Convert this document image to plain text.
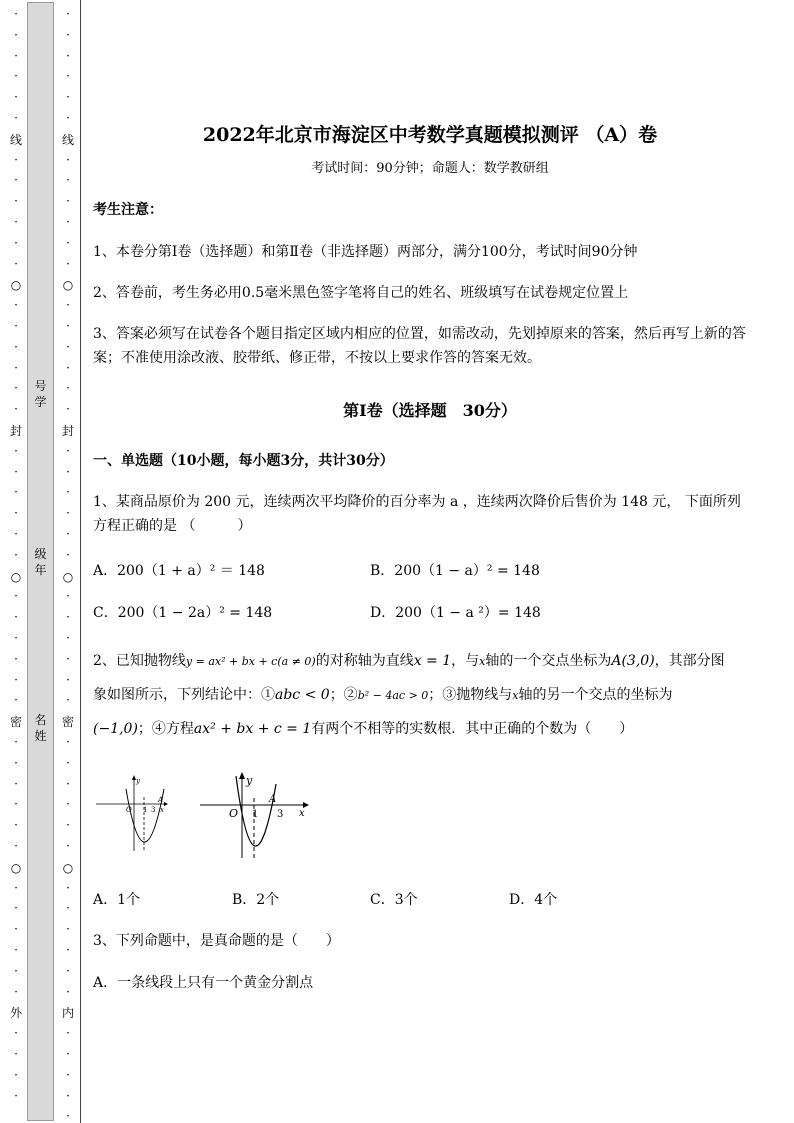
·
·
·
·
·
·
·
·
·
·
·
·
·
·
·
·
·
·
·
·
·
·
·
·
·
·
·
·
·
·
·
·
·
·
·
·
·
·
·
·
·
·
·
·
·
·
线
○
封
○
密
○
外
·
·
·
·
·
·
·
·
·
·
·
·
·
·
·
·
·
·
·
·
·
·
·
·
·
·
·
·
·
·
·
·
·
·
·
·
·
·
·
·
·
·
·
·
·
·
·
线
○
封
○
密
○
内
号
学
级
年
名
姓
2022年北京市海淀区中考数学真题模拟测评 （A）卷
考试时间：90分钟；命题人：数学教研组
考生注意：
1、本卷分第I卷（选择题）和第Ⅱ卷（非选择题）两部分，满分100分，考试时间90分钟
2、答卷前，考生务必用0.5毫米黑色签字笔将自己的姓名、班级填写在试卷规定位置上
3、答案必须写在试卷各个题目指定区域内相应的位置，如需改动，先划掉原来的答案，然后再写上新的答案；不准使用涂改液、胶带纸、修正带，不按以上要求作答的答案无效。
第I卷（选择题　30分）
一、单选题（10小题，每小题3分，共计30分）
1、某商品原价为 200 元，连续两次平均降价的百分率为 a ，连续两次降价后售价为 148 元， 下面所列方程正确的是 （　　　）
A．200（1 + a）² ＝ 148	B．200（1 − a）² = 148
C．200（1 − 2a）² = 148	D．200（1 − a ²）= 148
2、已知抛物线y = ax² + bx + c(a ≠ 0)的对称轴为直线x = 1，与x轴的一个交点坐标为A(3,0)，其部分图
象如图所示，下列结论中：①abc < 0；②b² − 4ac > 0；③抛物线与x轴的另一个交点的坐标为
(−1,0)；④方程ax² + bx + c = 1有两个不相等的实数根．其中正确的个数为（　　）
y
O 1
A
3 x
y
O 1
A
3 x
A．1个	B．2个	C．3个	D．4个
3、下列命题中，是真命题的是（　　）
A．一条线段上只有一个黄金分割点
